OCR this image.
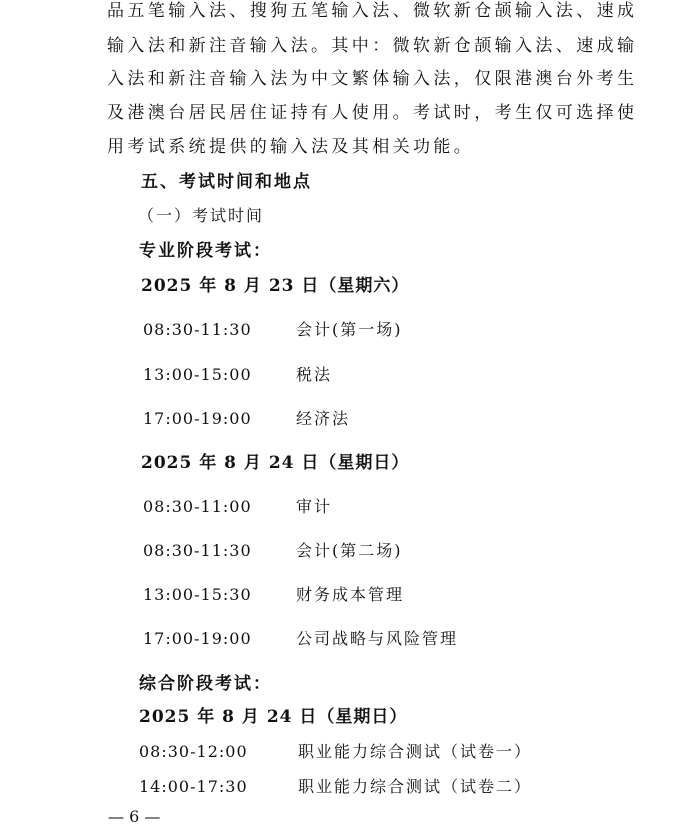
品五笔输入法、搜狗五笔输入法、微软新仓颉输入法、速成
输入法和新注音输入法。其中：微软新仓颉输入法、速成输
入法和新注音输入法为中文繁体输入法，仅限港澳台外考生
及港澳台居民居住证持有人使用。考试时，考生仅可选择使
用考试系统提供的输入法及其相关功能。
五、考试时间和地点
（一）考试时间
专业阶段考试：
2025 年 8 月 23 日（星期六）
08:30-11:30	会计(第一场)
13:00-15:00	税法
17:00-19:00	经济法
2025 年 8 月 24 日（星期日）
08:30-11:00	审计
08:30-11:30	会计(第二场)
13:00-15:30	财务成本管理
17:00-19:00	公司战略与风险管理
综合阶段考试：
2025 年 8 月 24 日（星期日）
08:30-12:00	职业能力综合测试（试卷一）
14:00-17:30	职业能力综合测试（试卷二）
— 6 —
